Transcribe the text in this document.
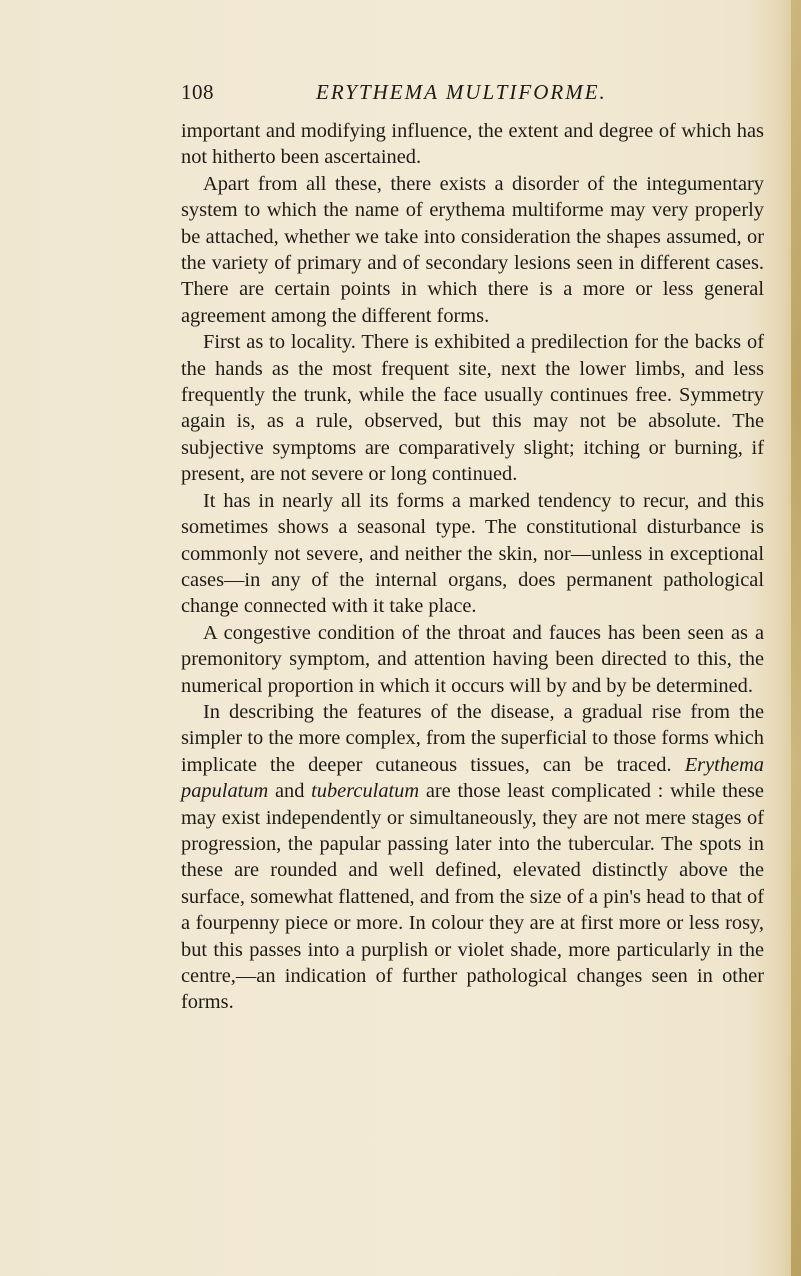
108	ERYTHEMA MULTIFORME.

important and modifying influence, the extent and degree of which has not hitherto been ascertained.

Apart from all these, there exists a disorder of the integumentary system to which the name of erythema multiforme may very properly be attached, whether we take into consideration the shapes assumed, or the variety of primary and of secondary lesions seen in different cases. There are certain points in which there is a more or less general agreement among the different forms.

First as to locality. There is exhibited a predilection for the backs of the hands as the most frequent site, next the lower limbs, and less frequently the trunk, while the face usually continues free. Symmetry again is, as a rule, observed, but this may not be absolute. The subjective symptoms are comparatively slight; itching or burning, if present, are not severe or long continued.

It has in nearly all its forms a marked tendency to recur, and this sometimes shows a seasonal type. The constitutional disturbance is commonly not severe, and neither the skin, nor—unless in exceptional cases—in any of the internal organs, does permanent pathological change connected with it take place.

A congestive condition of the throat and fauces has been seen as a premonitory symptom, and attention having been directed to this, the numerical proportion in which it occurs will by and by be determined.

In describing the features of the disease, a gradual rise from the simpler to the more complex, from the superficial to those forms which implicate the deeper cutaneous tissues, can be traced. Erythema papulatum and tuberculatum are those least complicated : while these may exist independently or simultaneously, they are not mere stages of progression, the papular passing later into the tubercular. The spots in these are rounded and well defined, elevated distinctly above the surface, somewhat flattened, and from the size of a pin's head to that of a fourpenny piece or more. In colour they are at first more or less rosy, but this passes into a purplish or violet shade, more particularly in the centre,—an indication of further pathological changes seen in other forms.
